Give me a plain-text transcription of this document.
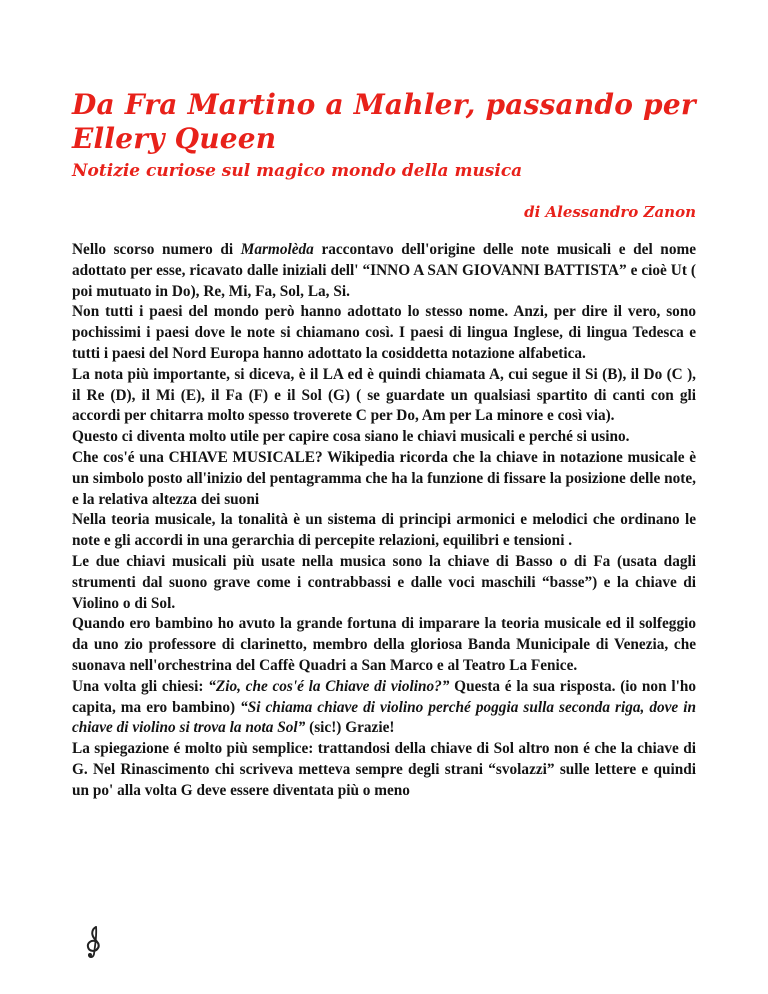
Da Fra Martino a Mahler, passando per Ellery Queen
Notizie curiose sul magico mondo della musica
di Alessandro Zanon

Nello scorso numero di Marmolèda raccontavo dell'origine delle note musicali e del nome adottato per esse, ricavato dalle iniziali dell' “INNO A SAN GIOVANNI BATTISTA” e cioè Ut ( poi mutuato in Do), Re, Mi, Fa, Sol, La, Si.

Non tutti i paesi del mondo però hanno adottato lo stesso nome. Anzi, per dire il vero, sono pochissimi i paesi dove le note si chiamano così. I paesi di lingua Inglese, di lingua Tedesca e tutti i paesi del Nord Europa hanno adottato la cosiddetta notazione alfabetica.

La nota più importante, si diceva, è il LA ed è quindi chiamata A, cui segue il Si (B), il Do (C ), il Re (D), il Mi (E), il Fa (F) e il Sol (G) ( se guardate un qualsiasi spartito di canti con gli accordi per chitarra molto spesso troverete C per Do, Am per La minore e così via).

Questo ci diventa molto utile per capire cosa siano le chiavi musicali e perché si usino.

Che cos'é una CHIAVE MUSICALE? Wikipedia ricorda che la chiave in notazione musicale è un simbolo posto all'inizio del pentagramma che ha la funzione di fissare la posizione delle note, e la relativa altezza dei suoni

Nella teoria musicale, la tonalità è un sistema di principi armonici e melodici che ordinano le note e gli accordi in una gerarchia di percepite relazioni, equilibri e tensioni .

Le due chiavi musicali più usate nella musica sono la chiave di Basso o di Fa (usata dagli strumenti dal suono grave come i contrabbassi e dalle voci maschili “basse”) e la chiave di Violino o di Sol.

Quando ero bambino ho avuto la grande fortuna di imparare la teoria musicale ed il solfeggio da uno zio professore di clarinetto, membro della gloriosa Banda Municipale di Venezia, che suonava nell'orchestrina del Caffè Quadri a San Marco e al Teatro La Fenice.

Una volta gli chiesi: “Zio, che cos'é la Chiave di violino?” Questa é la sua risposta. (io non l'ho capita, ma ero bambino) “Si chiama chiave di violino perché poggia sulla seconda riga, dove in chiave di violino si trova la nota Sol” (sic!) Grazie!

La spiegazione é molto più semplice: trattandosi della chiave di Sol altro non é che la chiave di G. Nel Rinascimento chi scriveva metteva sempre degli strani “svolazzi” sulle lettere e quindi un po' alla volta G deve essere diventata più o meno
